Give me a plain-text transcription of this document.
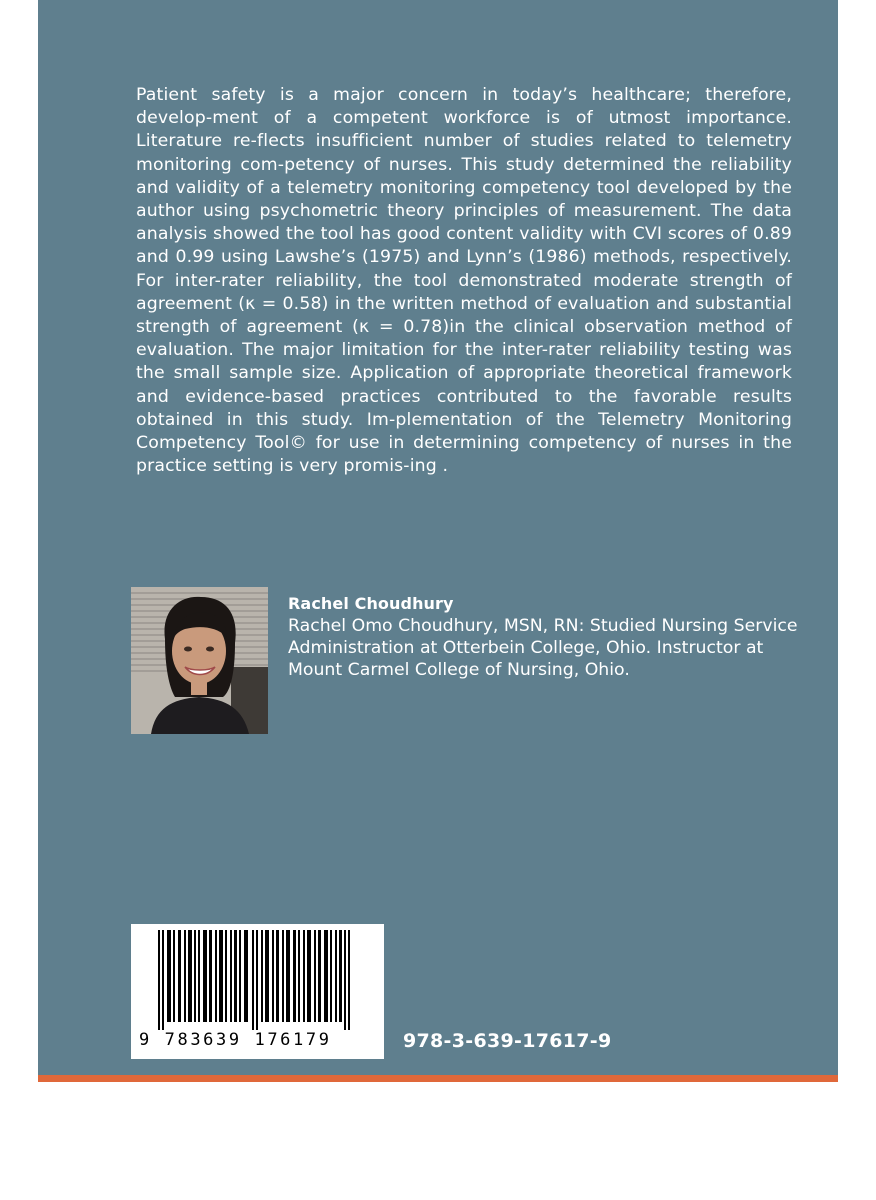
Patient safety is a major concern in today’s healthcare; therefore, develop-ment of a competent workforce is of utmost importance. Literature re-flects insufficient number of studies related to telemetry monitoring com-petency of nurses. This study determined the reliability and validity of a telemetry monitoring competency tool developed by the author using psychometric theory principles of measurement. The data analysis showed the tool has good content validity with CVI scores of 0.89 and 0.99 using Lawshe’s (1975) and Lynn’s (1986) methods, respectively. For inter-rater reliability, the tool demonstrated moderate strength of agreement (κ = 0.58) in the written method of evaluation and substantial strength of agreement (κ = 0.78)in the clinical observation method of evaluation. The major limitation for the inter-rater reliability testing was the small sample size. Application of appropriate theoretical framework and evidence-based practices contributed to the favorable results obtained in this study. Im-plementation of the Telemetry Monitoring Competency Tool© for use in determining competency of nurses in the practice setting is very promis-ing .

Rachel Choudhury

Rachel Omo Choudhury, MSN, RN: Studied Nursing Service Administration at Otterbein College, Ohio. Instructor at Mount Carmel College of Nursing, Ohio.

9 783639 176179	978-3-639-17617-9
